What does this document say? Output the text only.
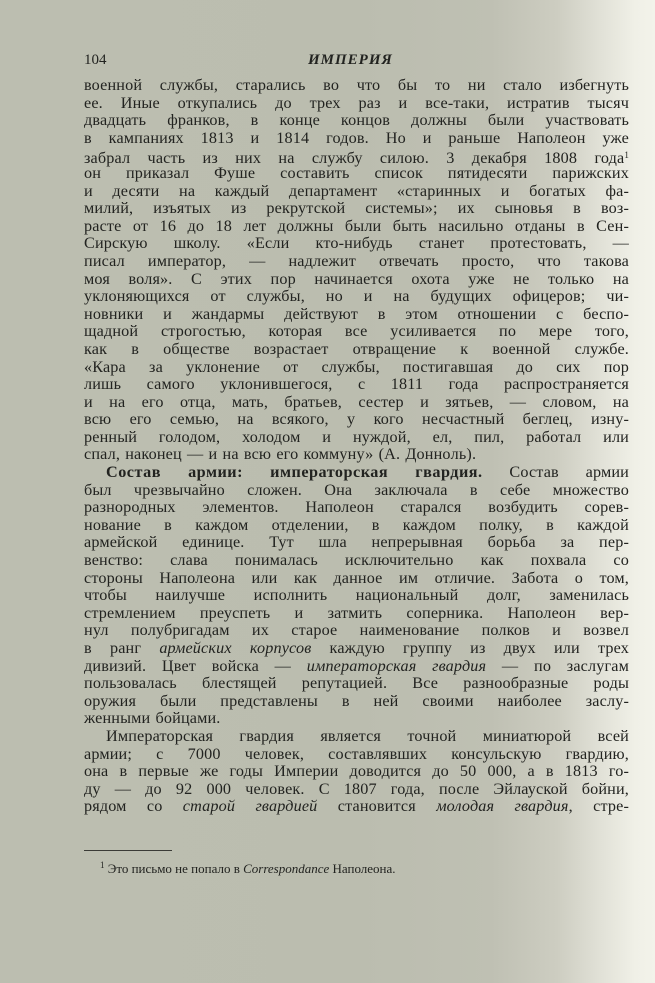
104	ИМПЕРИЯ
военной службы, старались во что бы то ни стало избегнуть
ее. Иные откупались до трех раз и все-таки, истратив тысяч
двадцать франков, в конце концов должны были участвовать
в кампаниях 1813 и 1814 годов. Но и раньше Наполеон уже
забрал часть из них на службу силою. 3 декабря 1808 года$^1$
он приказал Фуше составить список пятидесяти парижских
и десяти на каждый департамент «старинных и богатых фа-
милий, изъятых из рекрутской системы»; их сыновья в воз-
расте от 16 до 18 лет должны были быть насильно отданы в Сен-
Сирскую школу. «Если кто-нибудь станет протестовать, —
писал император, — надлежит отвечать просто, что такова
моя воля». С этих пор начинается охота уже не только на
уклоняющихся от службы, но и на будущих офицеров; чи-
новники и жандармы действуют в этом отношении с беспо-
щадной строгостью, которая все усиливается по мере того,
как в обществе возрастает отвращение к военной службе.
«Кара за уклонение от службы, постигавшая до сих пор
лишь самого уклонившегося, с 1811 года распространяется
и на его отца, мать, братьев, сестер и зятьев, — словом, на
всю его семью, на всякого, у кого несчастный беглец, изну-
ренный голодом, холодом и нуждой, ел, пил, работал или
спал, наконец — и на всю его коммуну» (А. Доннoль).
Состав армии: императорская гвардия. Состав армии
был чрезвычайно сложен. Она заключала в себе множество
разнородных элементов. Наполеон старался возбудить сорев-
нование в каждом отделении, в каждом полку, в каждой
армейской единице. Тут шла непрерывная борьба за пер-
венство: слава понималась исключительно как похвала со
стороны Наполеона или как данное им отличие. Забота о том,
чтобы наилучше исполнить национальный долг, заменилась
стремлением преуспеть и затмить соперника. Наполеон вер-
нул полубригадам их старое наименование полков и возвел
в ранг армейских корпусов каждую группу из двух или трех
дивизий. Цвет войска — императорская гвардия — по заслугам
пользовалась блестящей репутацией. Все разнообразные роды
оружия были представлены в ней своими наиболее заслу-
женными бойцами.
Императорская гвардия является точной миниатюрой всей
армии; с 7000 человек, составлявших консульскую гвардию,
она в первые же годы Империи доводится до 50 000, а в 1813 го-
ду — до 92 000 человек. С 1807 года, после Эйлауской бойни,
рядом со старой гвардией становится молодая гвардия, стре-
$^1$ Это письмо не попало в Correspondance Наполеона.
